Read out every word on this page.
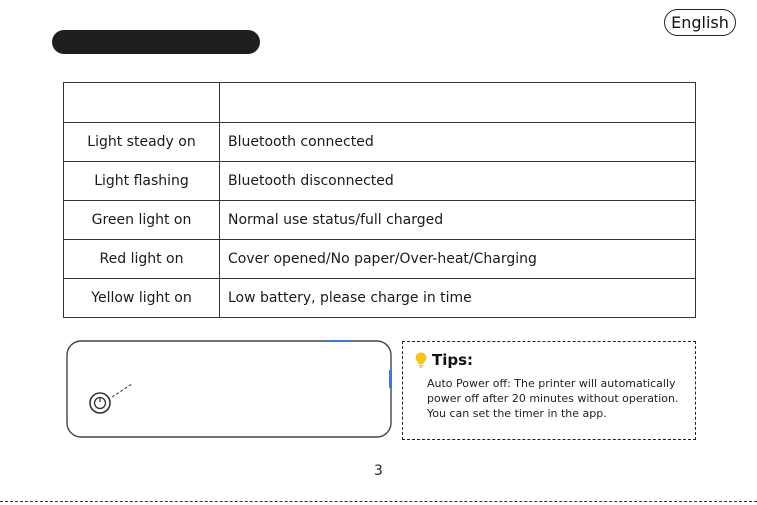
English

Light steady on	Bluetooth connected
Light flashing	Bluetooth disconnected
Green light on	Normal use status/full charged
Red light on	Cover opened/No paper/Over-heat/Charging
Yellow light on	Low battery, please charge in time
Tips:
Auto Power off: The printer will automatically
power off after 20 minutes without operation.
You can set the timer in the app.
3
